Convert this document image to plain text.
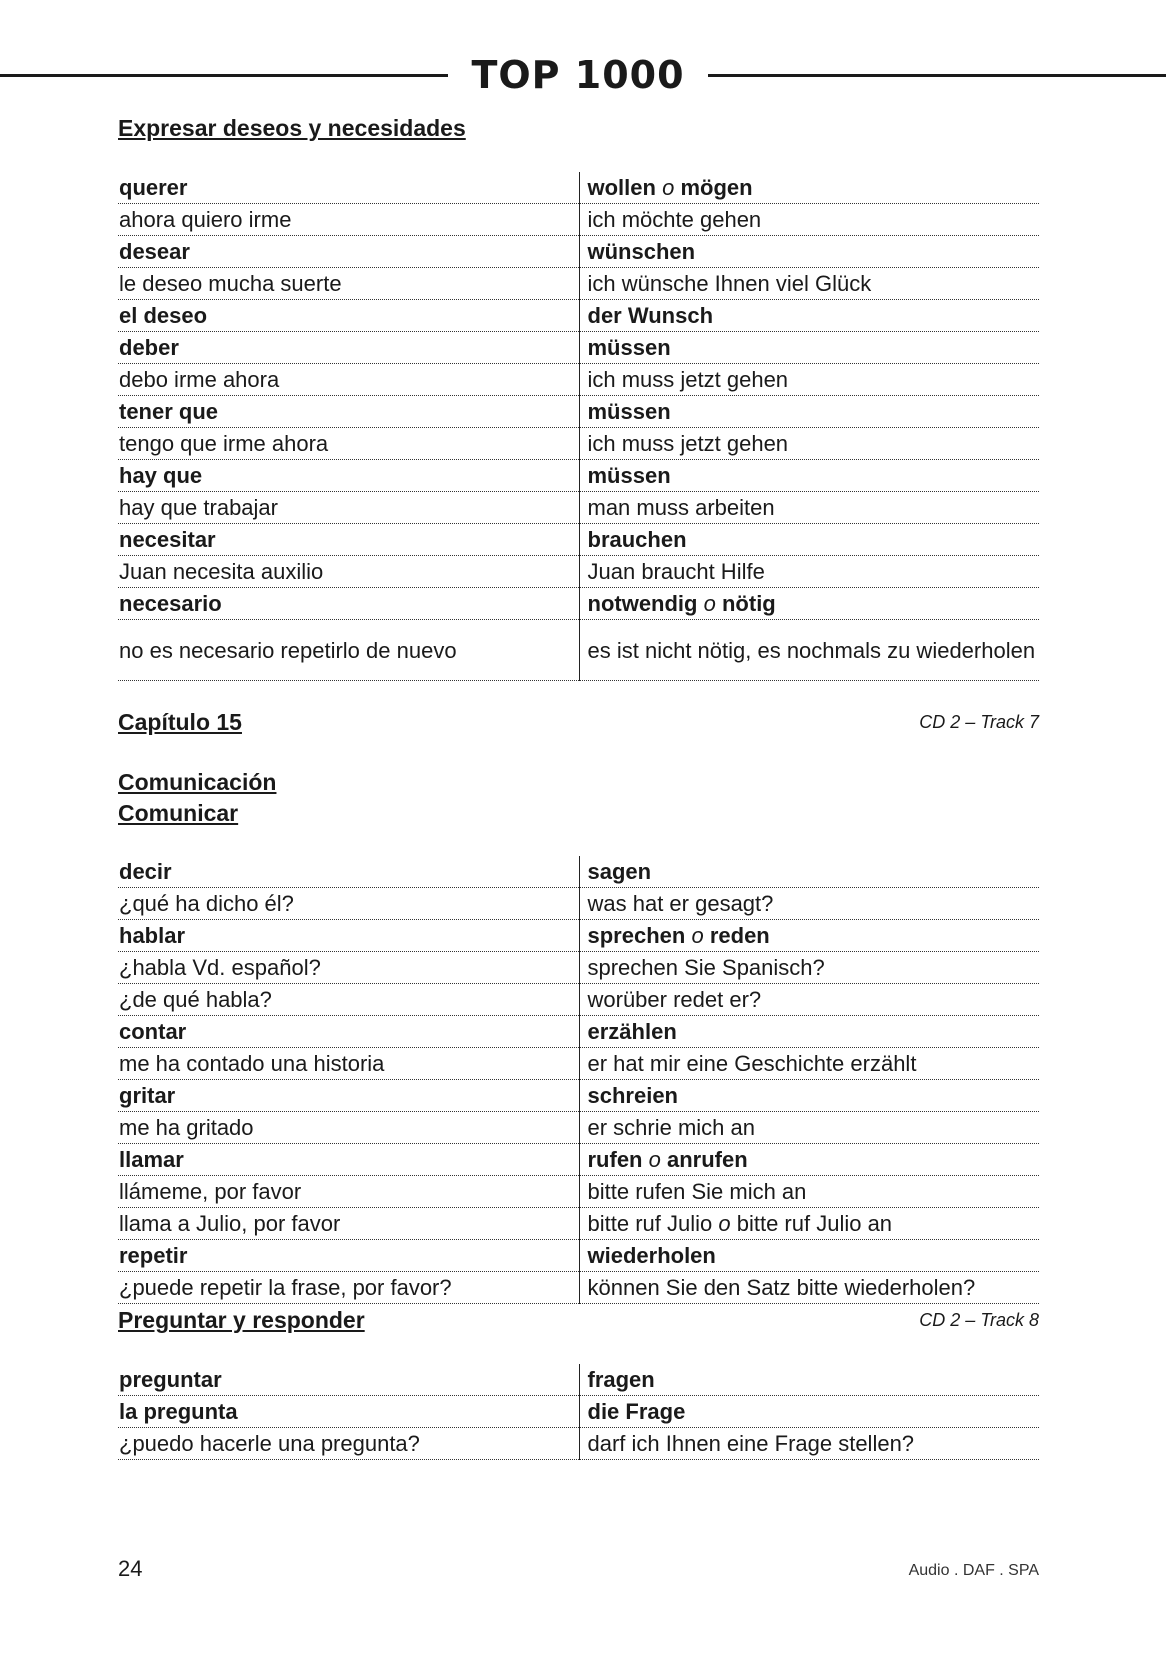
TOP 1000
Expresar deseos y necesidades
querer	wollen o mögen
ahora quiero irme	ich möchte gehen
desear	wünschen
le deseo mucha suerte	ich wünsche Ihnen viel Glück
el deseo	der Wunsch
deber	müssen
debo irme ahora	ich muss jetzt gehen
tener que	müssen
tengo que irme ahora	ich muss jetzt gehen
hay que	müssen
hay que trabajar	man muss arbeiten
necesitar	brauchen
Juan necesita auxilio	Juan braucht Hilfe
necesario	notwendig o nötig
no es necesario repetirlo de nuevo	es ist nicht nötig, es nochmals zu wiederholen
Capítulo 15	CD 2 – Track 7
Comunicación
Comunicar
decir	sagen
¿qué ha dicho él?	was hat er gesagt?
hablar	sprechen o reden
¿habla Vd. español?	sprechen Sie Spanisch?
¿de qué habla?	worüber redet er?
contar	erzählen
me ha contado una historia	er hat mir eine Geschichte erzählt
gritar	schreien
me ha gritado	er schrie mich an
llamar	rufen o anrufen
llámeme, por favor	bitte rufen Sie mich an
llama a Julio, por favor	bitte ruf Julio o bitte ruf Julio an
repetir	wiederholen
¿puede repetir la frase, por favor?	können Sie den Satz bitte wiederholen?
Preguntar y responder	CD 2 – Track 8
preguntar	fragen
la pregunta	die Frage
¿puedo hacerle una pregunta?	darf ich Ihnen eine Frage stellen?
24	Audio . DAF . SPA
